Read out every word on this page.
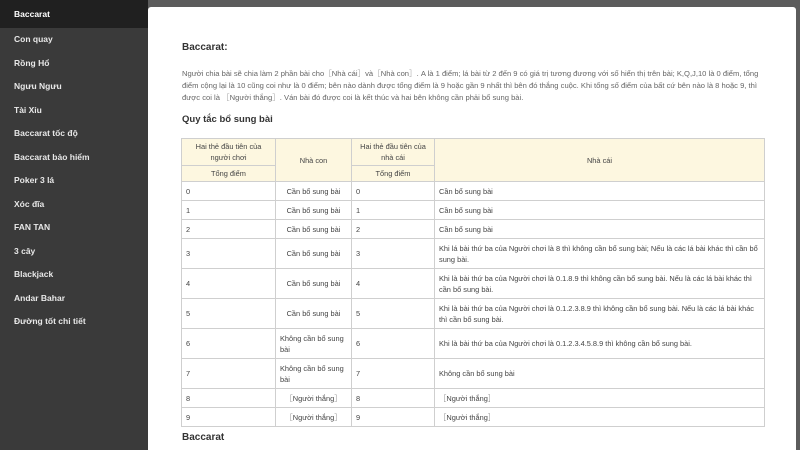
Baccarat
Con quay
Rồng Hổ
Ngưu Ngưu
Tài Xỉu
Baccarat tốc độ
Baccarat bảo hiểm
Poker 3 lá
Xóc đĩa
FAN TAN
3 cây
Blackjack
Andar Bahar
Đường tốt chi tiết
Baccarat:
Người chia bài sẽ chia làm 2 phần bài cho［Nhà cái］và［Nhà con］. A là 1 điểm; lá bài từ 2 đến 9 có giá trị tương đương với số hiển thị trên bài; K,Q,J,10 là 0 điểm, tổng điểm cộng lại là 10 cũng coi như là 0 điểm; bên nào dành được tổng điểm là 9 hoặc gần 9 nhất thì bên đó thắng cuộc. Khi tổng số điểm của bất cứ bên nào là 8 hoặc 9, thì được coi là ［Người thắng］. Ván bài đó được coi là kết thúc và hai bên không cần phải bổ sung bài.
Quy tắc bổ sung bài
Hai thẻ đầu tiên của người chơi	Nhà con	Hai thẻ đầu tiên của nhà cái	Nhà cái
Tổng điểm		Tổng điểm	
0	Cần bổ sung bài	0	Cần bổ sung bài
1	Cần bổ sung bài	1	Cần bổ sung bài
2	Cần bổ sung bài	2	Cần bổ sung bài
3	Cần bổ sung bài	3	Khi lá bài thứ ba của Người chơi là 8 thì không cần bổ sung bài; Nếu là các lá bài khác thì cần bổ sung bài.
4	Cần bổ sung bài	4	Khi là bài thứ ba của Người chơi là 0.1.8.9 thì không cần bổ sung bài. Nếu là các lá bài khác thì cần bổ sung bài.
5	Cần bổ sung bài	5	Khi là bài thứ ba của Người chơi là 0.1.2.3.8.9 thì không cần bổ sung bài. Nếu là các lá bài khác thì cần bổ sung bài.
6	Không cần bổ sung bài	6	Khi là bài thứ ba của Người chơi là 0.1.2.3.4.5.8.9 thì không cần bổ sung bài.
7	Không cần bổ sung bài	7	Không cần bổ sung bài
8	［Người thắng］	8	［Người thắng］
9	［Người thắng］	9	［Người thắng］
Baccarat
